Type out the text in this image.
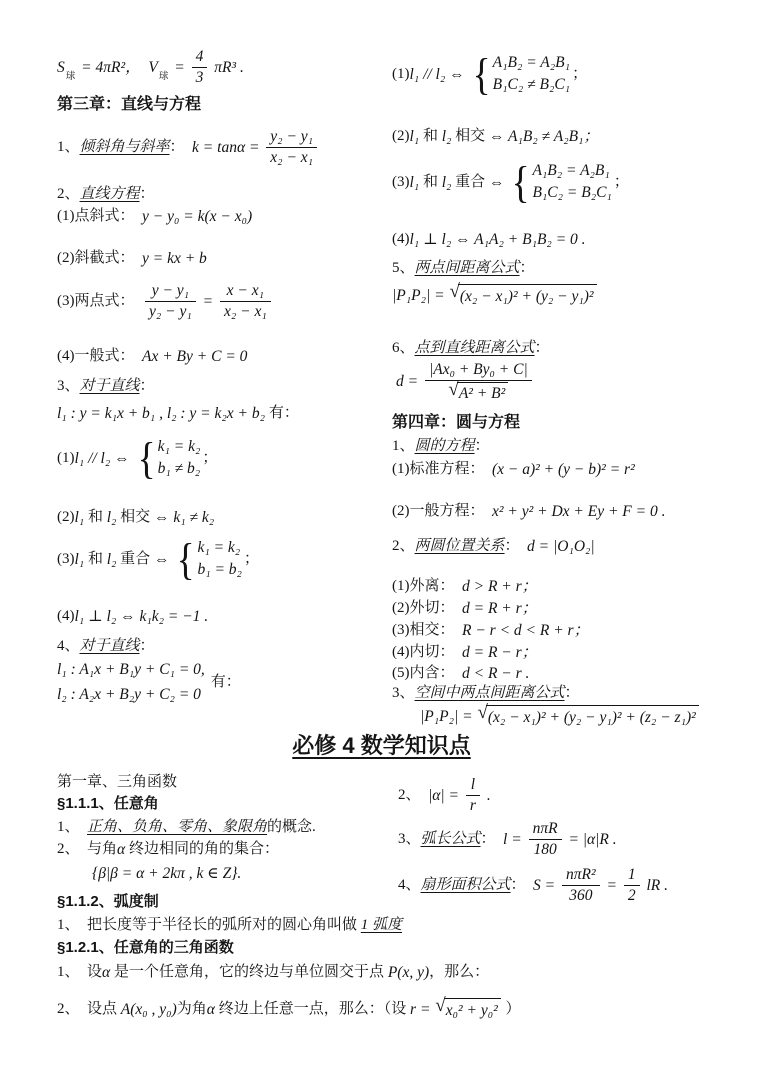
S
球
= 4πR²， V
球
= $\frac{4}{3} \pi R^3$ .
第三章：直线与方程
1、 倾斜角与斜率 ： $k = \tan\alpha = \frac{\text{y₂ − y₁}}{\text{x₂ − x₁}}$
2、 直线方程 ：
(1)点斜式： y − y₀ = k(x − x₀)
(2)斜截式： y = kx + b
(3)两点式： $\frac{\text{y − y₁}}{\text{y₂ − y₁}} = \frac{\text{x − x₁}}{\text{x₂ − x₁}}$
(4)一般式： Ax + By + C = 0
3、 对于直线 ：
l₁ : y = k₁x + b₁ , l₂ : y = k₂x + b₂ 有：
(1) l₁ // l₂ ⇔ { k₁ = k₂
b₁ ≠ b₂
；
(2) l₁ 和 l₂ 相交 ⇔ k₁ ≠ k₂
(3) l₁ 和 l₂ 重合 ⇔ { k₁ = k₂
b₁ = b₂
；
(4) l₁ ⊥ l₂ ⇔ k₁k₂ = −1 .
4、 对于直线 ：
l₁ : A₁x + B₁y + C₁ = 0,
l₂ : A₂x + B₂y + C₂ = 0
有：
(1) l₁ // l₂ ⇔ { A₁B₂ = A₂B₁
B₁C₂ ≠ B₂C₁
；
(2) l₁ 和 l₂ 相交 ⇔ A₁B₂ ≠ A₂B₁；
(3) l₁ 和 l₂ 重合 ⇔ { A₁B₂ = A₂B₁
B₁C₂ = B₂C₁
；
(4) l₁ ⊥ l₂ ⇔ A₁A₂ + B₁B₂ = 0 .
5、 两点间距离公式 ：
|P₁P₂| = √ (x₂ − x₁)² + (y₂ − y₁)²
6、 点到直线距离公式 ：
$d = \frac{\text{|Ax₀ + By₀ + C|}}{\text{√ A² + B²}}$
第四章：圆与方程
1、 圆的方程 ：
(1)标准方程： (x − a)² + (y − b)² = r²
(2)一般方程： x² + y² + Dx + Ey + F = 0 .
2、 两圆位置关系 ： d = |O₁O₂|
(1)外离： d > R + r；
(2)外切： d = R + r；
(3)相交： R − r < d < R + r；
(4)内切： d = R − r；
(5)内含： d < R − r .
3、 空间中两点间距离公式 ：
|P₁P₂| = √ (x₂ − x₁)² + (y₂ − y₁)² + (z₂ − z₁)²
必修 4 数学知识点
第一章、三角函数
§1.1.1、任意角
1、 正角、负角、零角、象限角 的概念.
2、 与角 α 终边相同的角的集合：
{β|β = α + 2kπ , k ∈ Z}.
§1.1.2、弧度制
1、  把长度等于半径长的弧所对的圆心角叫做 1 弧度
§1.2.1、任意角的三角函数
1、 设 α 是一个任意角，它的终边与单位圆交于点 P(x, y) ，那么：
2、 设点 A(x₀ , y₀) 为角 α 终边上任意一点，那么：（设 r = √ x₀² + y₀² ）
2、 $|\alpha| = \frac{l}{r}$ .
3、 弧长公式 ： $l = \frac{\text{nπR}}{180} = |\alpha|R$ .
4、 扇形面积公式 ： $S = \frac{\text{nπR²}}{360} = \frac{1}{2}$ lR .
